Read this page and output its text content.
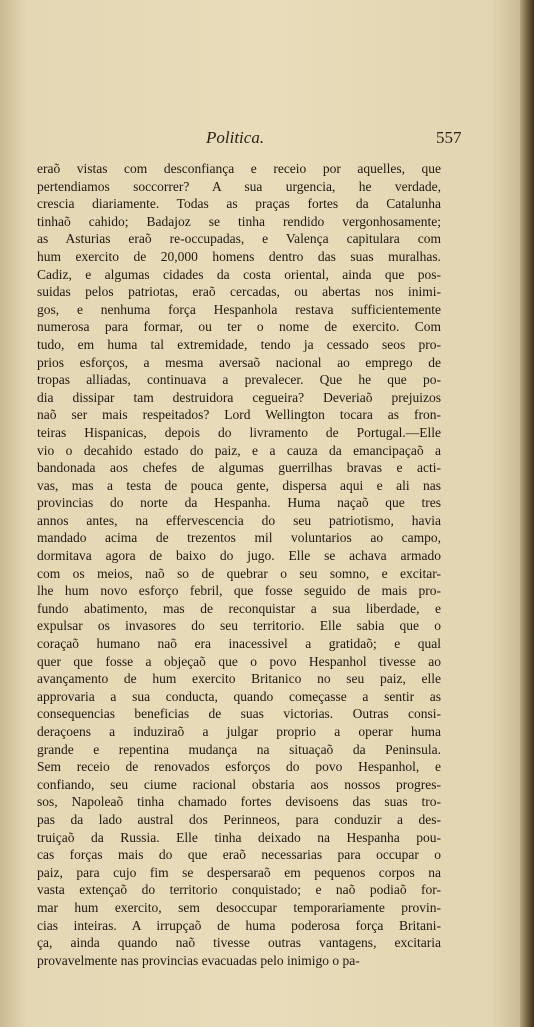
Politica.	557
eraõ vistas com desconfiança e receio por aquelles, que
pertendiamos soccorrer? A sua urgencia, he verdade,
crescia diariamente. Todas as praças fortes da Catalunha
tinhaõ cahido; Badajoz se tinha rendido vergonhosamente;
as Asturias eraõ re-occupadas, e Valença capitulara com
hum exercito de 20,000 homens dentro das suas muralhas.
Cadiz, e algumas cidades da costa oriental, ainda que pos-
suidas pelos patriotas, eraõ cercadas, ou abertas nos inimi-
gos, e nenhuma força Hespanhola restava sufficientemente
numerosa para formar, ou ter o nome de exercito. Com
tudo, em huma tal extremidade, tendo ja cessado seos pro-
prios esforços, a mesma aversaõ nacional ao emprego de
tropas alliadas, continuava a prevalecer. Que he que po-
dia dissipar tam destruidora cegueira? Deveriaõ prejuizos
naõ ser mais respeitados? Lord Wellington tocara as fron-
teiras Hispanicas, depois do livramento de Portugal.—Elle
vio o decahido estado do paiz, e a cauza da emancipaçaõ a
bandonada aos chefes de algumas guerrilhas bravas e acti-
vas, mas a testa de pouca gente, dispersa aqui e ali nas
provincias do norte da Hespanha. Huma naçaõ que tres
annos antes, na effervescencia do seu patriotismo, havia
mandado acima de trezentos mil voluntarios ao campo,
dormitava agora de baixo do jugo. Elle se achava armado
com os meios, naõ so de quebrar o seu somno, e excitar-
lhe hum novo esforço febril, que fosse seguido de mais pro-
fundo abatimento, mas de reconquistar a sua liberdade, e
expulsar os invasores do seu territorio. Elle sabia que o
coraçaõ humano naõ era inacessivel a gratidaõ; e qual
quer que fosse a objeçaõ que o povo Hespanhol tivesse ao
avançamento de hum exercito Britanico no seu paiz, elle
approvaria a sua conducta, quando começasse a sentir as
consequencias beneficias de suas victorias. Outras consi-
deraçoens a induziraõ a julgar proprio a operar huma
grande e repentina mudança na situaçaõ da Peninsula.
Sem receio de renovados esforços do povo Hespanhol, e
confiando, seu ciume racional obstaria aos nossos progres-
sos, Napoleaõ tinha chamado fortes devisoens das suas tro-
pas da lado austral dos Perinneos, para conduzir a des-
truiçaõ da Russia. Elle tinha deixado na Hespanha pou-
cas forças mais do que eraõ necessarias para occupar o
paiz, para cujo fim se despersaraõ em pequenos corpos na
vasta extençaõ do territorio conquistado; e naõ podiaõ for-
mar hum exercito, sem desoccupar temporariamente provin-
cias inteiras. A irrupçaõ de huma poderosa força Britani-
ça, ainda quando naõ tivesse outras vantagens, excitaria
provavelmente nas provincias evacuadas pelo inimigo o pa-
